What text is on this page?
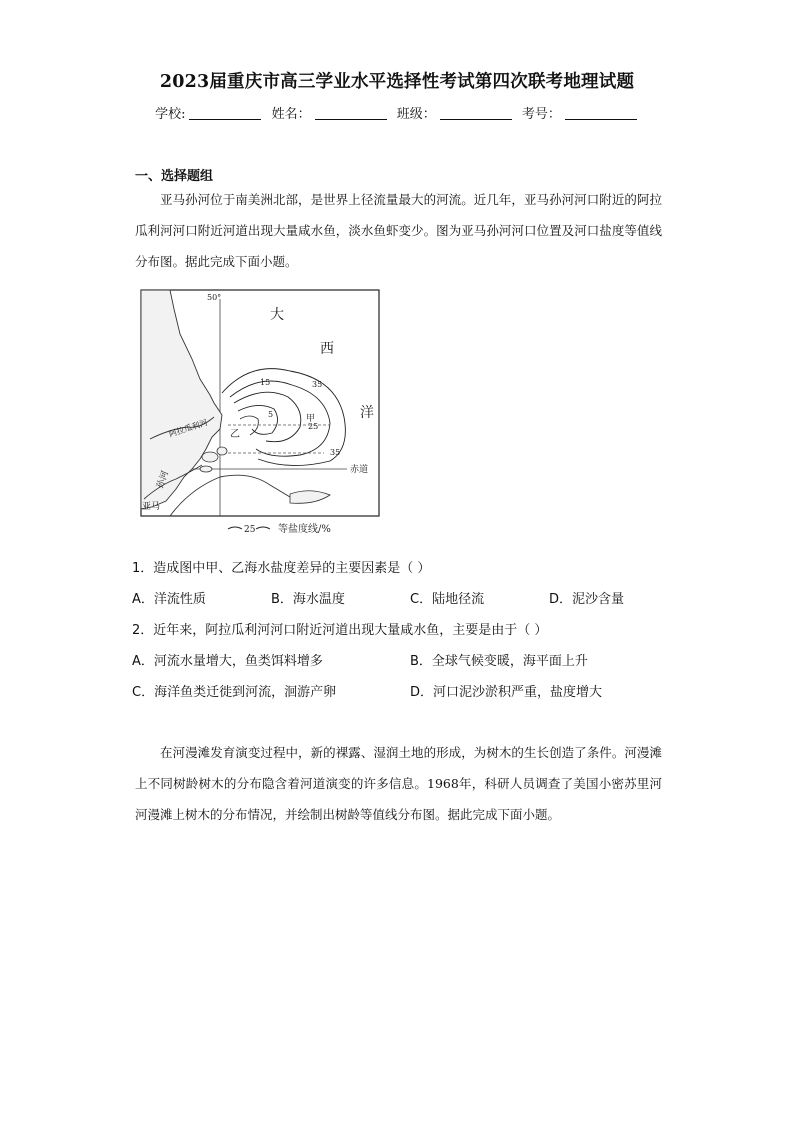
2023届重庆市高三学业水平选择性考试第四次联考地理试题
学校:	姓名：	班级：	考号：
一、选择题组

亚马孙河位于南美洲北部，是世界上径流量最大的河流。近几年，亚马孙河河口附近的阿拉瓜利河河口附近河道出现大量咸水鱼，淡水鱼虾变少。图为亚马孙河河口位置及河口盐度等值线分布图。据此完成下面小题。

50°
赤道
5
15
25
35
35
甲
乙
大
西
洋
阿拉瓜利河
亚马
孙河
25 等盐度线/%
1．造成图中甲、乙海水盐度差异的主要因素是（ ）
A．洋流性质	B．海水温度	C．陆地径流	D．泥沙含量
2．近年来，阿拉瓜利河河口附近河道出现大量咸水鱼，主要是由于（ ）
A．河流水量增大，鱼类饵料增多	B．全球气候变暖，海平面上升
C．海洋鱼类迁徙到河流，洄游产卵	D．河口泥沙淤积严重，盐度增大

在河漫滩发育演变过程中，新的裸露、湿润土地的形成，为树木的生长创造了条件。河漫滩上不同树龄树木的分布隐含着河道演变的许多信息。1968年，科研人员调查了美国小密苏里河河漫滩上树木的分布情况，并绘制出树龄等值线分布图。据此完成下面小题。
